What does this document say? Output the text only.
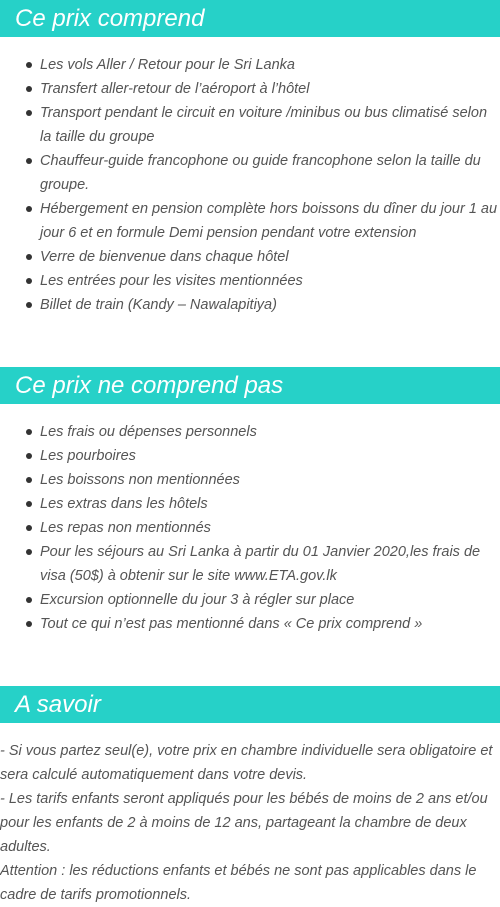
Ce prix comprend
Les vols Aller / Retour pour le Sri Lanka
Transfert aller-retour de l’aéroport à l’hôtel
Transport pendant le circuit en voiture /minibus ou bus climatisé selon la taille du groupe
Chauffeur-guide francophone ou guide francophone selon la taille du groupe.
Hébergement en pension complète hors boissons du dîner du jour 1 au jour 6 et en formule Demi pension pendant votre extension
Verre de bienvenue dans chaque hôtel
Les entrées pour les visites mentionnées
Billet de train (Kandy – Nawalapitiya)
Ce prix ne comprend pas
Les frais ou dépenses personnels
Les pourboires
Les boissons non mentionnées
Les extras dans les hôtels
Les repas non mentionnés
Pour les séjours au Sri Lanka à partir du 01 Janvier 2020,les frais de visa (50$) à obtenir sur le site www.ETA.gov.lk
Excursion optionnelle du jour 3 à régler sur place
Tout ce qui n’est pas mentionné dans « Ce prix comprend »
A savoir

- Si vous partez seul(e), votre prix en chambre individuelle sera obligatoire et sera calculé automatiquement dans votre devis.

- Les tarifs enfants seront appliqués pour les bébés de moins de 2 ans et/ou pour les enfants de 2 à moins de 12 ans, partageant la chambre de deux adultes.

Attention : les réductions enfants et bébés ne sont pas applicables dans le cadre de tarifs promotionnels.
